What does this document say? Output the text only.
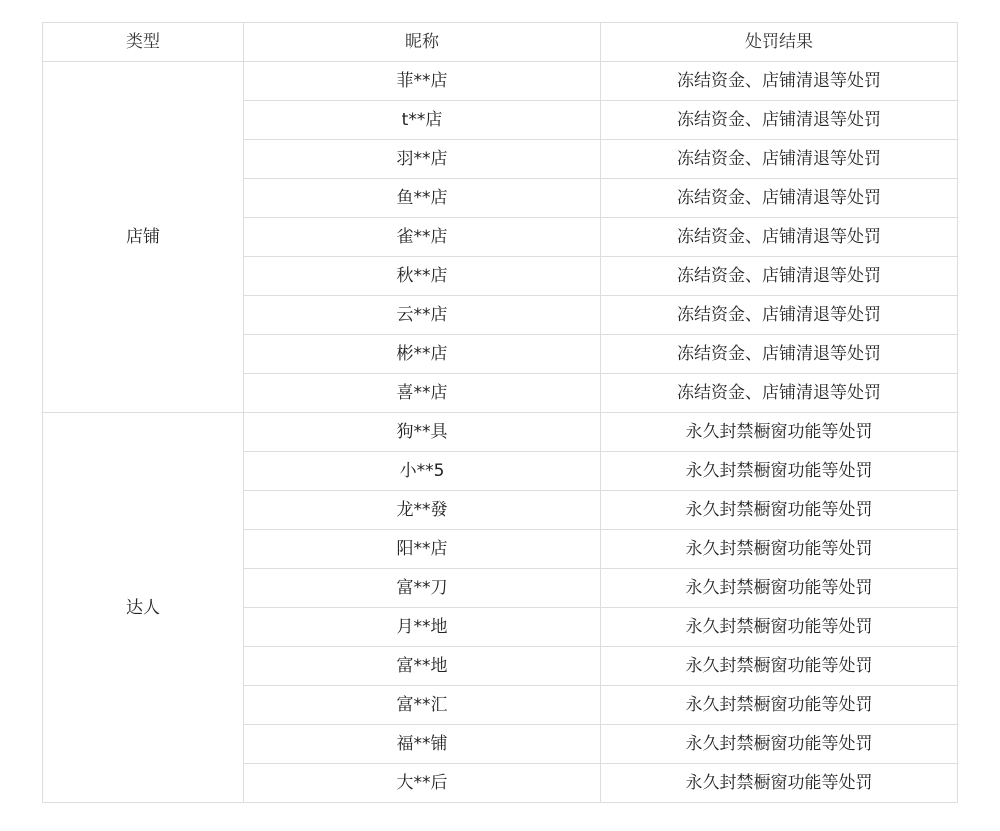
类型	昵称	处罚结果
店铺	菲**店	冻结资金、店铺清退等处罚
	t**店	冻结资金、店铺清退等处罚
	羽**店	冻结资金、店铺清退等处罚
	鱼**店	冻结资金、店铺清退等处罚
	雀**店	冻结资金、店铺清退等处罚
	秋**店	冻结资金、店铺清退等处罚
	云**店	冻结资金、店铺清退等处罚
	彬**店	冻结资金、店铺清退等处罚
	喜**店	冻结资金、店铺清退等处罚
达人	狗**具	永久封禁橱窗功能等处罚
	小**5	永久封禁橱窗功能等处罚
	龙**發	永久封禁橱窗功能等处罚
	阳**店	永久封禁橱窗功能等处罚
	富**刀	永久封禁橱窗功能等处罚
	月**地	永久封禁橱窗功能等处罚
	富**地	永久封禁橱窗功能等处罚
	富**汇	永久封禁橱窗功能等处罚
	福**铺	永久封禁橱窗功能等处罚
	大**后	永久封禁橱窗功能等处罚
